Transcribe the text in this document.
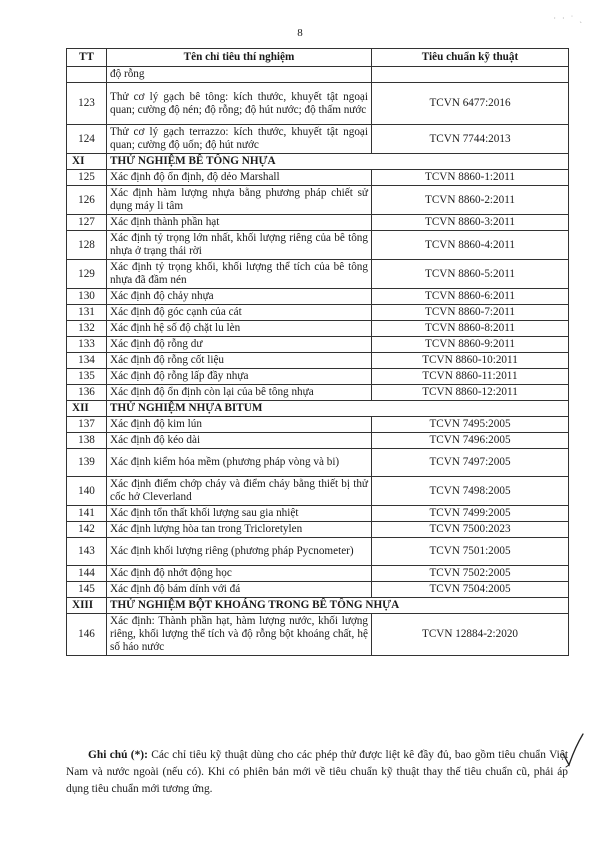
· · ˙ ˏ
8
TT	Tên chỉ tiêu thí nghiệm	Tiêu chuẩn kỹ thuật
	độ rỗng	
123	Thử cơ lý gạch bê tông: kích thước, khuyết tật ngoại quan; cường độ nén; độ rỗng; độ hút nước; độ thấm nước	TCVN 6477:2016
124	Thử cơ lý gạch terrazzo: kích thước, khuyết tật ngoại quan; cường độ uốn; độ hút nước	TCVN 7744:2013
XI	THỬ NGHIỆM BÊ TÔNG NHỰA	
125	Xác định độ ổn định, độ dẻo Marshall	TCVN 8860-1:2011
126	Xác định hàm lượng nhựa bằng phương pháp chiết sử dụng máy li tâm	TCVN 8860-2:2011
127	Xác định thành phần hạt	TCVN 8860-3:2011
128	Xác định tỷ trọng lớn nhất, khối lượng riêng của bê tông nhựa ở trạng thái rời	TCVN 8860-4:2011
129	Xác định tỷ trọng khối, khối lượng thể tích của bê tông nhựa đã đầm nén	TCVN 8860-5:2011
130	Xác định độ chảy nhựa	TCVN 8860-6:2011
131	Xác định độ góc cạnh của cát	TCVN 8860-7:2011
132	Xác định hệ số độ chặt lu lèn	TCVN 8860-8:2011
133	Xác định độ rỗng dư	TCVN 8860-9:2011
134	Xác định độ rỗng cốt liệu	TCVN 8860-10:2011
135	Xác định độ rỗng lấp đầy nhựa	TCVN 8860-11:2011
136	Xác định độ ổn định còn lại của bê tông nhựa	TCVN 8860-12:2011
XII	THỬ NGHIỆM NHỰA BITUM	
137	Xác định độ kim lún	TCVN 7495:2005
138	Xác định độ kéo dài	TCVN 7496:2005
139	Xác định kiểm hóa mềm (phương pháp vòng và bi)	TCVN 7497:2005
140	Xác định điểm chớp cháy và điểm cháy bằng thiết bị thử cốc hở Cleverland	TCVN 7498:2005
141	Xác định tổn thất khối lượng sau gia nhiệt	TCVN 7499:2005
142	Xác định lượng hòa tan trong Tricloretylen	TCVN 7500:2023
143	Xác định khối lượng riêng (phương pháp Pycnometer)	TCVN 7501:2005
144	Xác định độ nhớt động học	TCVN 7502:2005
145	Xác định độ bám dính với đá	TCVN 7504:2005
XIII	THỬ NGHIỆM BỘT KHOÁNG TRONG BÊ TÔNG NHỰA	
146	Xác định: Thành phần hạt, hàm lượng nước, khối lượng riêng, khối lượng thể tích và độ rỗng bột khoáng chất, hệ số háo nước	TCVN 12884-2:2020
Ghi chú (*): Các chỉ tiêu kỹ thuật dùng cho các phép thử được liệt kê đầy đủ, bao gồm tiêu chuẩn Việt Nam và nước ngoài (nếu có). Khi có phiên bản mới về tiêu chuẩn kỹ thuật thay thế tiêu chuẩn cũ, phải áp dụng tiêu chuẩn mới tương ứng.
